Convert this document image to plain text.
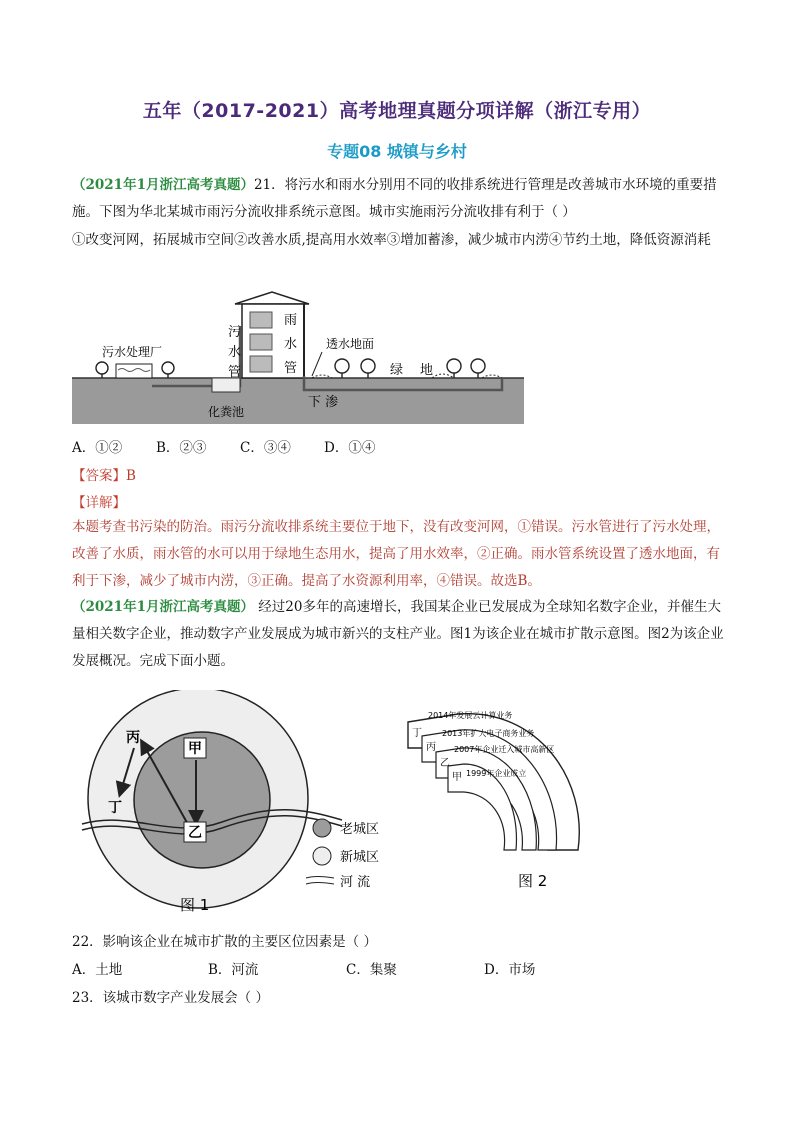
五年（2017-2021）高考地理真题分项详解（浙江专用）
专题08 城镇与乡村
（2021年1月浙江高考真题）21．将污水和雨水分别用不同的收排系统进行管理是改善城市水环境的重要措施。下图为华北某城市雨污分流收排系统示意图。城市实施雨污分流收排有利于（ ）
①改变河网，拓展城市空间②改善水质,提高用水效率③增加蓄渗，减少城市内涝④节约土地，降低资源消耗
污水处理厂
污
水
管
雨
水
管
透水地面
绿 地
化粪池
下 渗
A．①②	B．②③ C．③④ D．①④
【答案】B
【详解】
本题考查书污染的防治。雨污分流收排系统主要位于地下，没有改变河网，①错误。污水管进行了污水处理，改善了水质，雨水管的水可以用于绿地生态用水，提高了用水效率，②正确。雨水管系统设置了透水地面，有利于下渗，减少了城市内涝，③正确。提高了水资源利用率，④错误。故选B。
（2021年1月浙江高考真题） 经过20多年的高速增长，我国某企业已发展成为全球知名数字企业，并催生大量相关数字企业，推动数字产业发展成为城市新兴的支柱产业。图1为该企业在城市扩散示意图。图2为该企业发展概况。完成下面小题。
丙
甲
丁
乙	老城区
新城区
河 流
图 1
丁
2014年发展云计算业务
丙
2013年扩大电子商务业务
乙
2007年企业迁入城市高新区
甲 1999年企业成立
图 2
22．影响该企业在城市扩散的主要区位因素是（ ）
A．土地	B．河流	C．集聚	D．市场
23．该城市数字产业发展会（ ）
